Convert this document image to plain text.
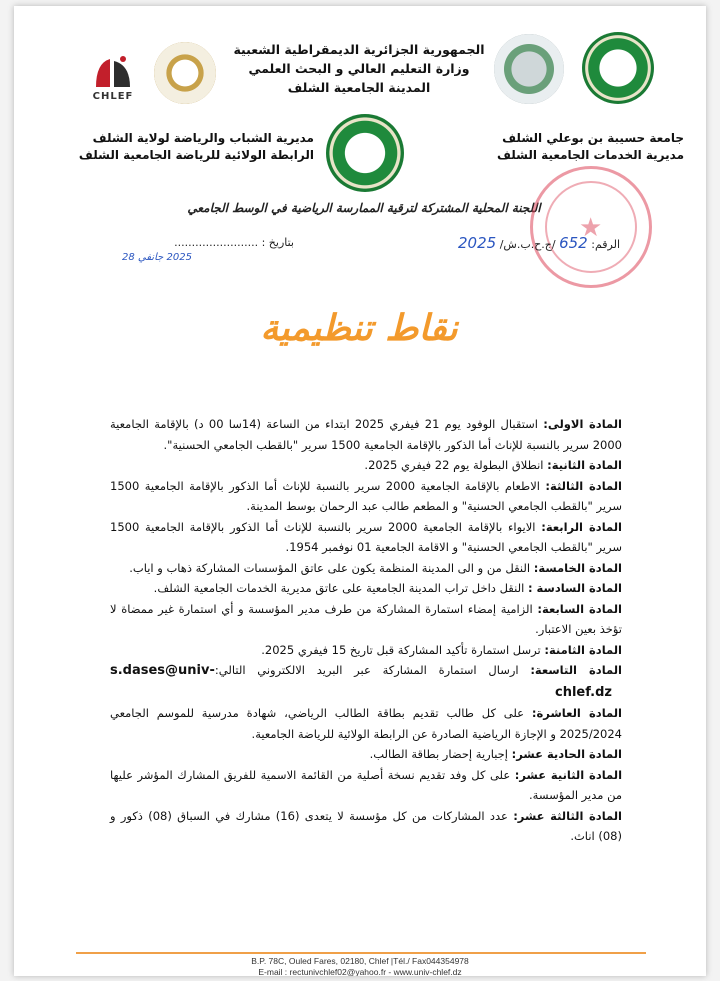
CHLEF
الجمهورية الجزائرية الديمقراطية الشعبية
وزارة التعليم العالي و البحث العلمي
المدينة الجامعية الشلف
جامعة حسيبة بن بوعلي الشلف
مديرية الخدمات الجامعية الشلف
مديرية الشباب والرياضة لولاية الشلف
الرابطة الولائية للرياضة الجامعية الشلف
اللجنة المحلية المشتركة لترقية الممارسة الرياضية في الوسط الجامعي
★
الرقم: 652 /ج.ح.ب.ش/ 2025
بتاريخ : ........................
2025 جانفي 28
نقاط تنظيمية

المادة الاولى: استقبال الوفود يوم 21 فيفري 2025 ابتداء من الساعة (14سا 00 د) بالإقامة الجامعية 2000 سرير بالنسبة للإناث أما الذكور بالإقامة الجامعية 1500 سرير "بالقطب الجامعي الحسنية".

المادة الثانية: انطلاق البطولة يوم 22 فيفري 2025.

المادة الثالثة: الاطعام بالإقامة الجامعية 2000 سرير بالنسبة للإناث أما الذكور بالإقامة الجامعية 1500 سرير "بالقطب الجامعي الحسنية" و المطعم طالب عبد الرحمان بوسط المدينة.

المادة الرابعة: الايواء بالإقامة الجامعية 2000 سرير بالنسبة للإناث أما الذكور بالإقامة الجامعية 1500 سرير "بالقطب الجامعي الحسنية" و الاقامة الجامعية 01 نوفمبر 1954.

المادة الخامسة: النقل من و الى المدينة المنظمة يكون على عاتق المؤسسات المشاركة ذهاب و اياب.

المادة السادسة : النقل داخل تراب المدينة الجامعية على عاتق مديرية الخدمات الجامعية الشلف.

المادة السابعة: الزامية إمضاء استمارة المشاركة من طرف مدير المؤسسة و أي استمارة غير ممضاة لا تؤخذ بعين الاعتبار.

المادة الثامنة: ترسل استمارة تأكيد المشاركة قبل تاريخ 15 فيفري 2025.

المادة التاسعة: ارسال استمارة المشاركة عبر البريد الالكتروني التالي:s.dases@univ-chlef.dz

المادة العاشرة: على كل طالب تقديم بطاقة الطالب الرياضي، شهادة مدرسية للموسم الجامعي 2025/2024 و الإجازة الرياضية الصادرة عن الرابطة الولائية للرياضة الجامعية.

المادة الحادية عشر: إجبارية إحضار بطاقة الطالب.

المادة الثانية عشر: على كل وفد تقديم نسخة أصلية من القائمة الاسمية للفريق المشارك المؤشر عليها من مدير المؤسسة.

المادة الثالثة عشر: عدد المشاركات من كل مؤسسة لا يتعدى (16) مشارك في السباق (08) ذكور و (08) اناث.

B.P. 78C, Ouled Fares, 02180, Chlef |Tél./ Fax044354978
E-mail : rectunivchlef02@yahoo.fr - www.univ-chlef.dz
